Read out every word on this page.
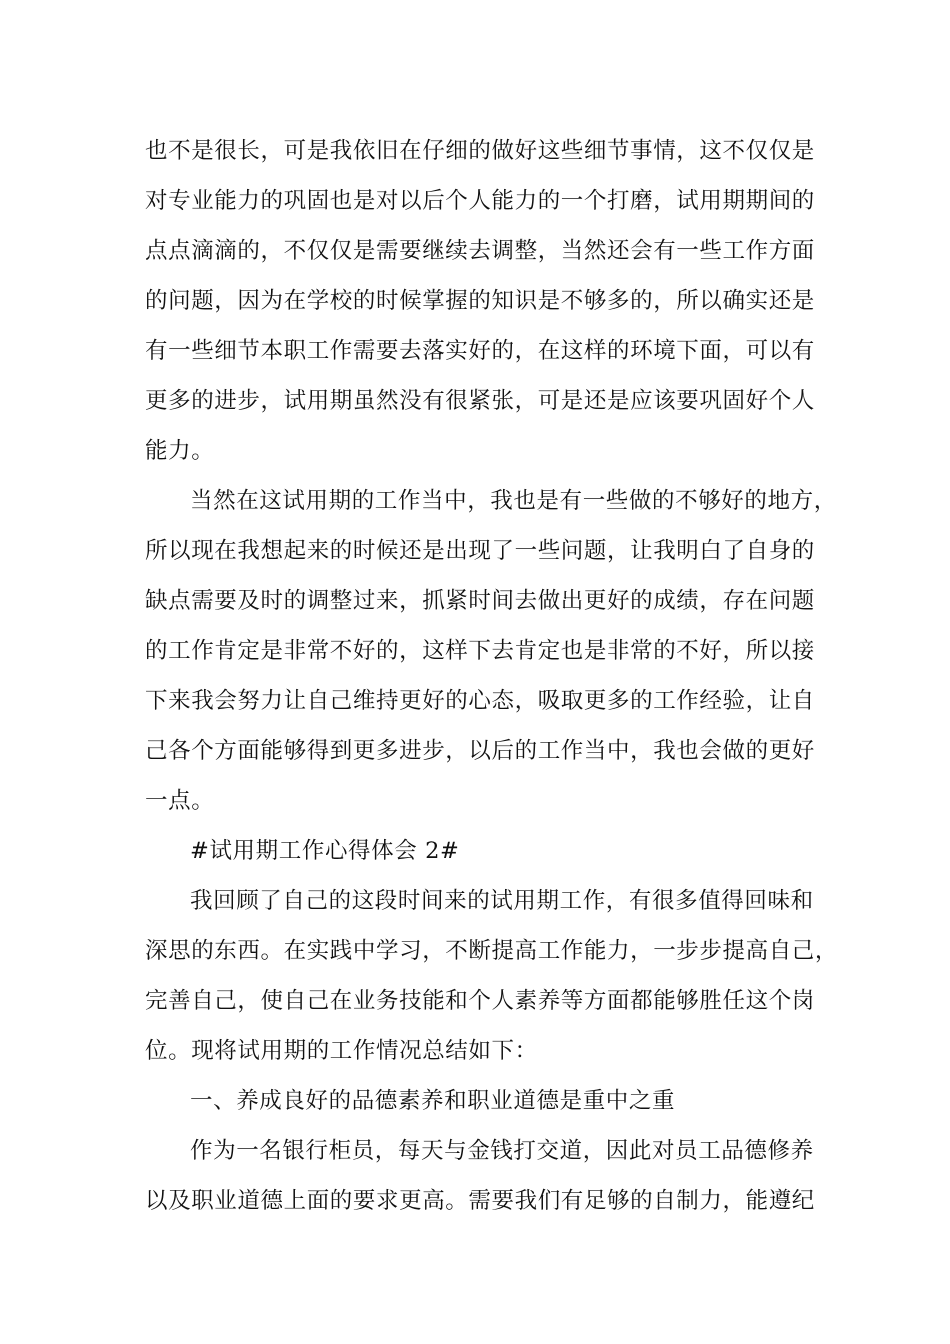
也不是很长，可是我依旧在仔细的做好这些细节事情，这不仅仅是

对专业能力的巩固也是对以后个人能力的一个打磨，试用期期间的

点点滴滴的，不仅仅是需要继续去调整，当然还会有一些工作方面

的问题，因为在学校的时候掌握的知识是不够多的，所以确实还是

有一些细节本职工作需要去落实好的，在这样的环境下面，可以有

更多的进步，试用期虽然没有很紧张，可是还是应该要巩固好个人

能力。

当然在这试用期的工作当中，我也是有一些做的不够好的地方，

所以现在我想起来的时候还是出现了一些问题，让我明白了自身的

缺点需要及时的调整过来，抓紧时间去做出更好的成绩，存在问题

的工作肯定是非常不好的，这样下去肯定也是非常的不好，所以接

下来我会努力让自己维持更好的心态，吸取更多的工作经验，让自

己各个方面能够得到更多进步，以后的工作当中，我也会做的更好

一点。

#试用期工作心得体会 2#

我回顾了自己的这段时间来的试用期工作，有很多值得回味和

深思的东西。在实践中学习，不断提高工作能力，一步步提高自己，

完善自己，使自己在业务技能和个人素养等方面都能够胜任这个岗

位。现将试用期的工作情况总结如下：

一、养成良好的品德素养和职业道德是重中之重

作为一名银行柜员，每天与金钱打交道，因此对员工品德修养

以及职业道德上面的要求更高。需要我们有足够的自制力，能遵纪
